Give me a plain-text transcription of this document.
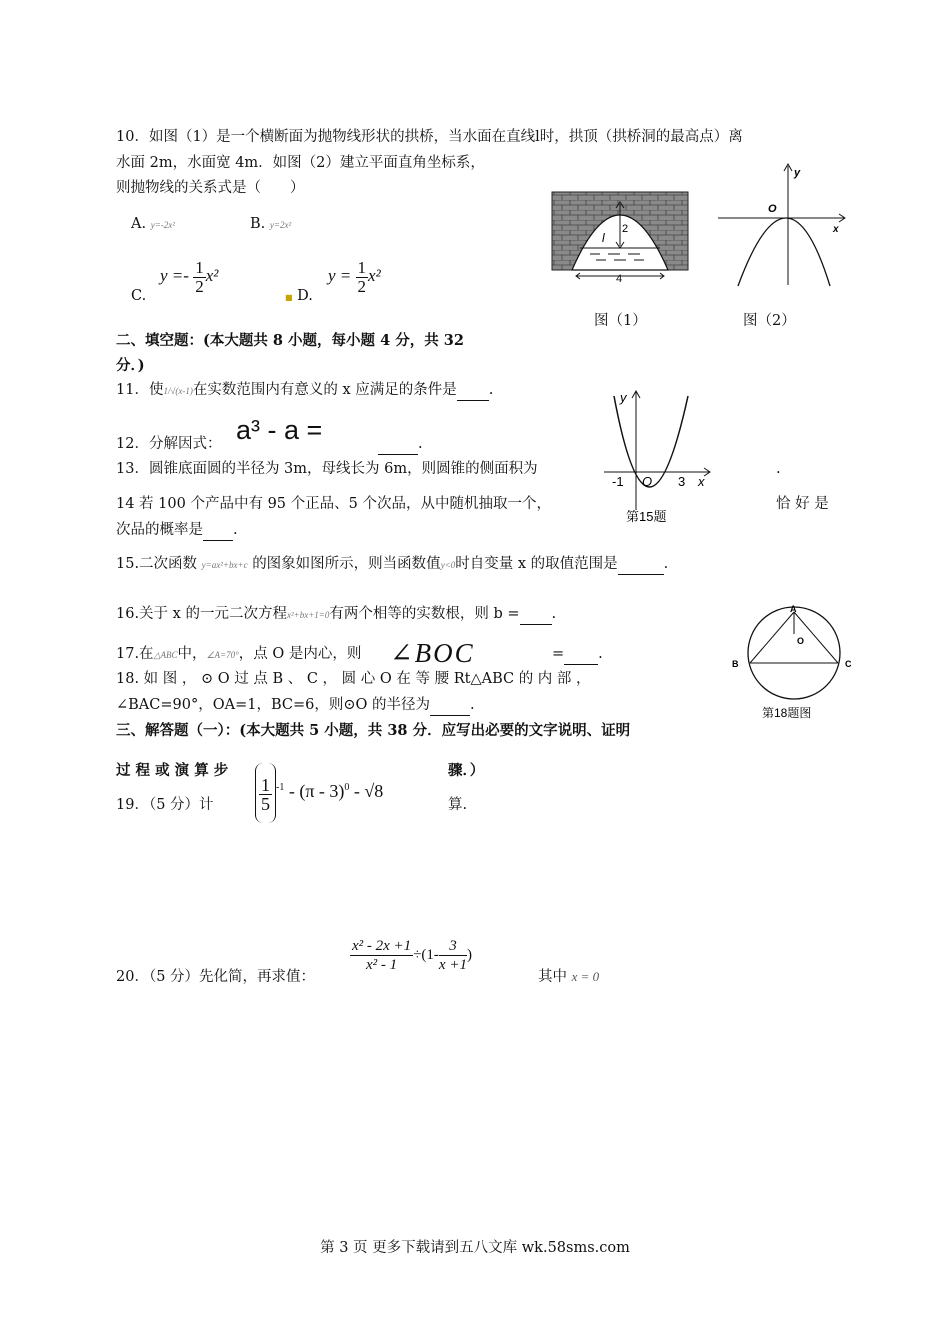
10．如图（1）是一个横断面为抛物线形状的拱桥，当水面在直线l时，拱顶（拱桥洞的最高点）离
水面 2m，水面宽 4m．如图（2）建立平面直角坐标系，
则抛物线的关系式是（　　）
A. y=-2x²	B. y=2x²
C.
$y =- \frac{1}{2} x^2$
■ D.
$y = \frac{1}{2} x^2$
2
l
4
y
O
x
图（1）	图（2）
二、填空题：(本大题共 8 小题，每小题 4 分，共 32
分．)
11．使1/√(x-1)在实数范围内有意义的 x 应满足的条件是 .
12．分解因式： a³ - a =	.
13．圆锥底面圆的半径为 3m，母线长为 6m，则圆锥的侧面积为	.
y
-1 O 3 x
第15题
14 若 100 个产品中有 95 个正品、5 个次品，从中随机抽取一个，	恰 好 是
次品的概率是 .
15.二次函数 y=ax²+bx+c 的图象如图所示，则当函数值y<0时自变量 x 的取值范围是	.
16.关于 x 的一元二次方程x²+bx+1=0有两个相等的实数根，则 b = .	A
O
B	C
第18题图
17.在△ABC中，∠A=70°，点 O 是内心，则 ∠BOC	= .
18. 如 图 ， ⊙ O 过 点 B 、 C ， 圆 心 O 在 等 腰 Rt△ABC 的 内 部 ，
∠BAC=90°，OA=1，BC=6，则⊙O 的半径为	.
三、解答题（一）：(本大题共 5 小题，共 38 分．应写出必要的文字说明、证明
过 程 或 演 算 步	骤．）
19．（5 分）计	$\frac{1}{5} ^{-1} - (\pi - 3)^0 - √8$
算.
20．（5 分）先化简，再求值：
$\frac{\text{x² - 2x +1}}{\text{x² - 1}} \div(1- \frac{3}{x +1}$ )
其中 x = 0
第 3 页 更多下载请到五八文库 wk.58sms.com
